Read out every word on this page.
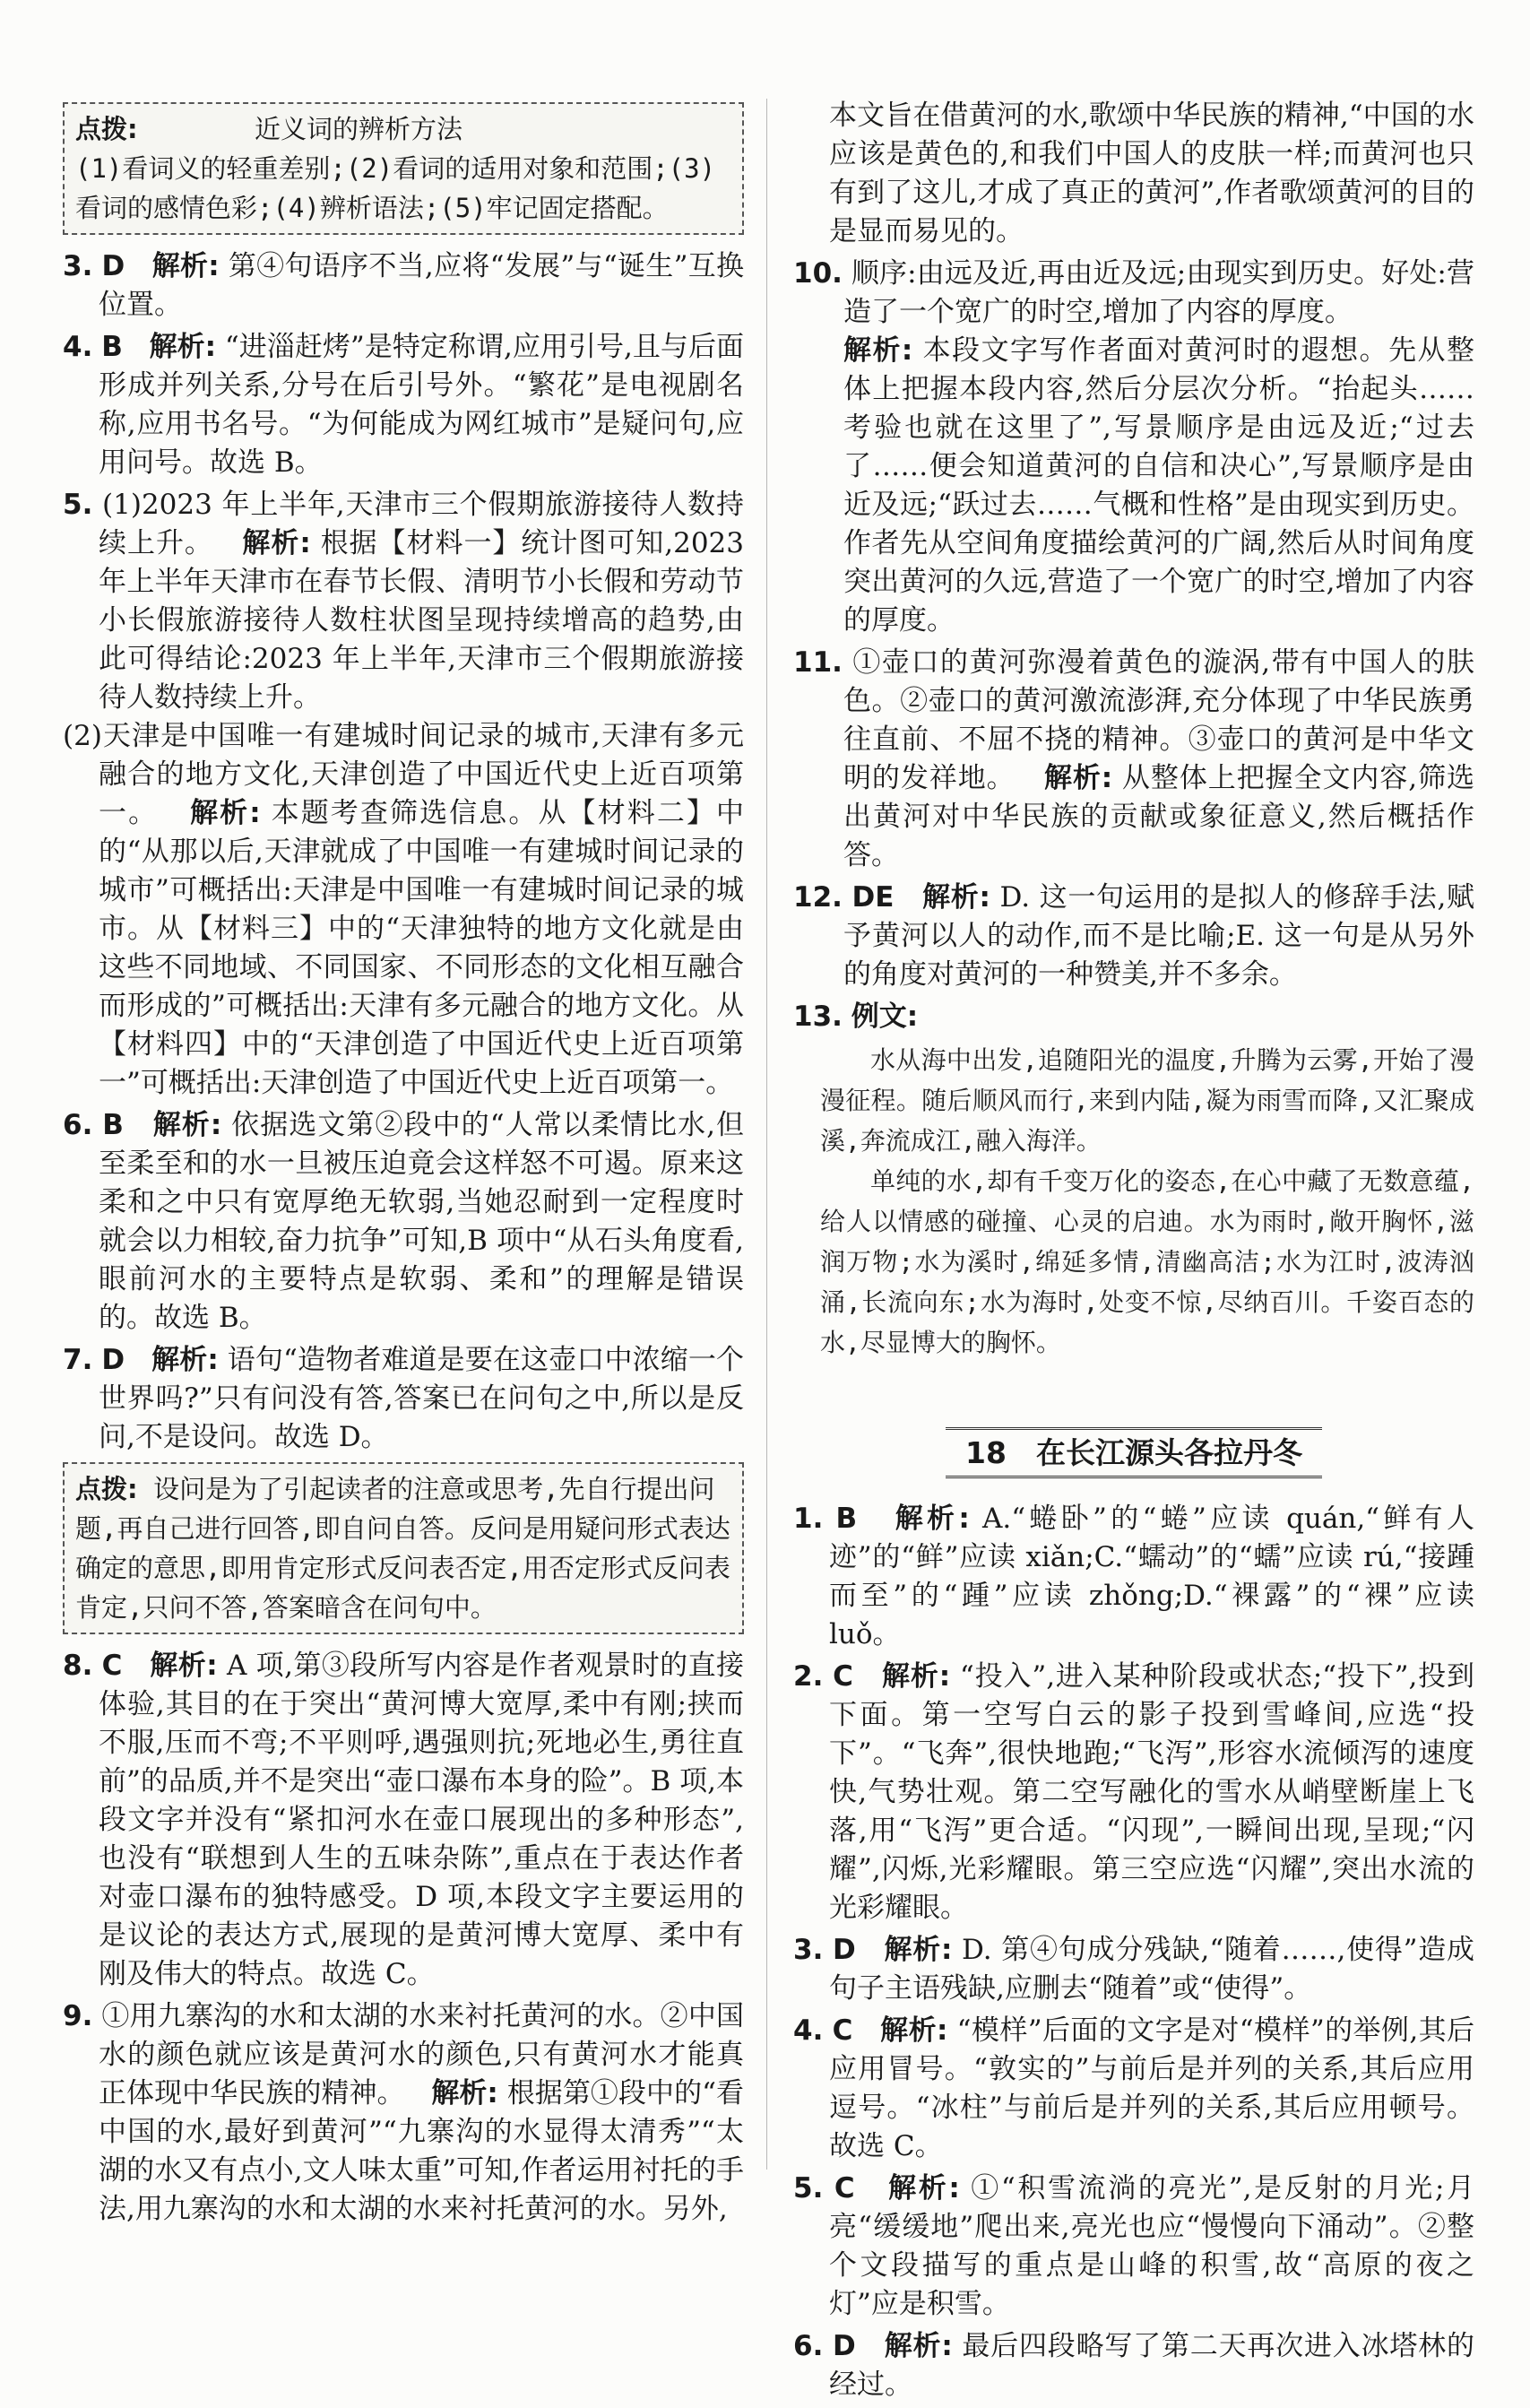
点拨:	近义词的辨析方法
(1)看词义的轻重差别;(2)看词的适用对象和范围;(3)看词的感情色彩;(4)辨析语法;(5)牢记固定搭配。
3. D 解析: 第④句语序不当,应将“发展”与“诞生”互换位置。
4. B 解析: “进淄赶烤”是特定称谓,应用引号,且与后面形成并列关系,分号在后引号外。“繁花”是电视剧名称,应用书名号。“为何能成为网红城市”是疑问句,应用问号。故选 B。

5. (1)2023 年上半年,天津市三个假期旅游接待人数持续上升。 解析: 根据【材料一】统计图可知,2023 年上半年天津市在春节长假、清明节小长假和劳动节小长假旅游接待人数柱状图呈现持续增高的趋势,由此可得结论:2023 年上半年,天津市三个假期旅游接待人数持续上升。

(2)天津是中国唯一有建城时间记录的城市,天津有多元融合的地方文化,天津创造了中国近代史上近百项第一。 解析: 本题考查筛选信息。从【材料二】中的“从那以后,天津就成了中国唯一有建城时间记录的城市”可概括出:天津是中国唯一有建城时间记录的城市。从【材料三】中的“天津独特的地方文化就是由这些不同地域、不同国家、不同形态的文化相互融合而形成的”可概括出:天津有多元融合的地方文化。从【材料四】中的“天津创造了中国近代史上近百项第一”可概括出:天津创造了中国近代史上近百项第一。

6. B 解析: 依据选文第②段中的“人常以柔情比水,但至柔至和的水一旦被压迫竟会这样怒不可遏。原来这柔和之中只有宽厚绝无软弱,当她忍耐到一定程度时就会以力相较,奋力抗争”可知,B 项中“从石头角度看,眼前河水的主要特点是软弱、柔和”的理解是错误的。故选 B。
7. D 解析: 语句“造物者难道是要在这壶口中浓缩一个世界吗?”只有问没有答,答案已在问句之中,所以是反问,不是设问。故选 D。
点拨: 设问是为了引起读者的注意或思考,先自行提出问题,再自己进行回答,即自问自答。反问是用疑问形式表达确定的意思,即用肯定形式反问表否定,用否定形式反问表肯定,只问不答,答案暗含在问句中。
8. C 解析: A 项,第③段所写内容是作者观景时的直接体验,其目的在于突出“黄河博大宽厚,柔中有刚;挟而不服,压而不弯;不平则呼,遇强则抗;死地必生,勇往直前”的品质,并不是突出“壶口瀑布本身的险”。B 项,本段文字并没有“紧扣河水在壶口展现出的多种形态”,也没有“联想到人生的五味杂陈”,重点在于表达作者对壶口瀑布的独特感受。D 项,本段文字主要运用的是议论的表达方式,展现的是黄河博大宽厚、柔中有刚及伟大的特点。故选 C。
9. ①用九寨沟的水和太湖的水来衬托黄河的水。②中国水的颜色就应该是黄河水的颜色,只有黄河水才能真正体现中华民族的精神。 解析: 根据第①段中的“看中国的水,最好到黄河”“九寨沟的水显得太清秀”“太湖的水又有点小,文人味太重”可知,作者运用衬托的手法,用九寨沟的水和太湖的水来衬托黄河的水。另外,
本文旨在借黄河的水,歌颂中华民族的精神,“中国的水应该是黄色的,和我们中国人的皮肤一样;而黄河也只有到了这儿,才成了真正的黄河”,作者歌颂黄河的目的是显而易见的。

10. 顺序:由远及近,再由近及远;由现实到历史。好处:营造了一个宽广的时空,增加了内容的厚度。

解析: 本段文字写作者面对黄河时的遐想。先从整体上把握本段内容,然后分层次分析。“抬起头……考验也就在这里了”,写景顺序是由远及近;“过去了……便会知道黄河的自信和决心”,写景顺序是由近及远;“跃过去……气概和性格”是由现实到历史。作者先从空间角度描绘黄河的广阔,然后从时间角度突出黄河的久远,营造了一个宽广的时空,增加了内容的厚度。

11. ①壶口的黄河弥漫着黄色的漩涡,带有中国人的肤色。②壶口的黄河激流澎湃,充分体现了中华民族勇往直前、不屈不挠的精神。③壶口的黄河是中华文明的发祥地。 解析: 从整体上把握全文内容,筛选出黄河对中华民族的贡献或象征意义,然后概括作答。
12. DE 解析: D. 这一句运用的是拟人的修辞手法,赋予黄河以人的动作,而不是比喻;E. 这一句是从另外的角度对黄河的一种赞美,并不多余。
13. 例文:

水从海中出发,追随阳光的温度,升腾为云雾,开始了漫漫征程。随后顺风而行,来到内陆,凝为雨雪而降,又汇聚成溪,奔流成江,融入海洋。

单纯的水,却有千变万化的姿态,在心中藏了无数意蕴,给人以情感的碰撞、心灵的启迪。水为雨时,敞开胸怀,滋润万物;水为溪时,绵延多情,清幽高洁;水为江时,波涛汹涌,长流向东;水为海时,处变不惊,尽纳百川。千姿百态的水,尽显博大的胸怀。

18　在长江源头各拉丹冬
1. B 解析: A.“蜷卧”的“蜷”应读 quán,“鲜有人迹”的“鲜”应读 xiǎn;C.“蠕动”的“蠕”应读 rú,“接踵而至”的“踵”应读 zhǒng;D.“裸露”的“裸”应读 luǒ。
2. C 解析: “投入”,进入某种阶段或状态;“投下”,投到下面。第一空写白云的影子投到雪峰间,应选“投下”。“飞奔”,很快地跑;“飞泻”,形容水流倾泻的速度快,气势壮观。第二空写融化的雪水从峭壁断崖上飞落,用“飞泻”更合适。“闪现”,一瞬间出现,呈现;“闪耀”,闪烁,光彩耀眼。第三空应选“闪耀”,突出水流的光彩耀眼。
3. D 解析: D. 第④句成分残缺,“随着……,使得”造成句子主语残缺,应删去“随着”或“使得”。
4. C 解析: “模样”后面的文字是对“模样”的举例,其后应用冒号。“敦实的”与前后是并列的关系,其后应用逗号。“冰柱”与前后是并列的关系,其后应用顿号。故选 C。
5. C 解析: ①“积雪流淌的亮光”,是反射的月光;月亮“缓缓地”爬出来,亮光也应“慢慢向下涌动”。②整个文段描写的重点是山峰的积雪,故“高原的夜之灯”应是积雪。
6. D 解析: 最后四段略写了第二天再次进入冰塔林的经过。
